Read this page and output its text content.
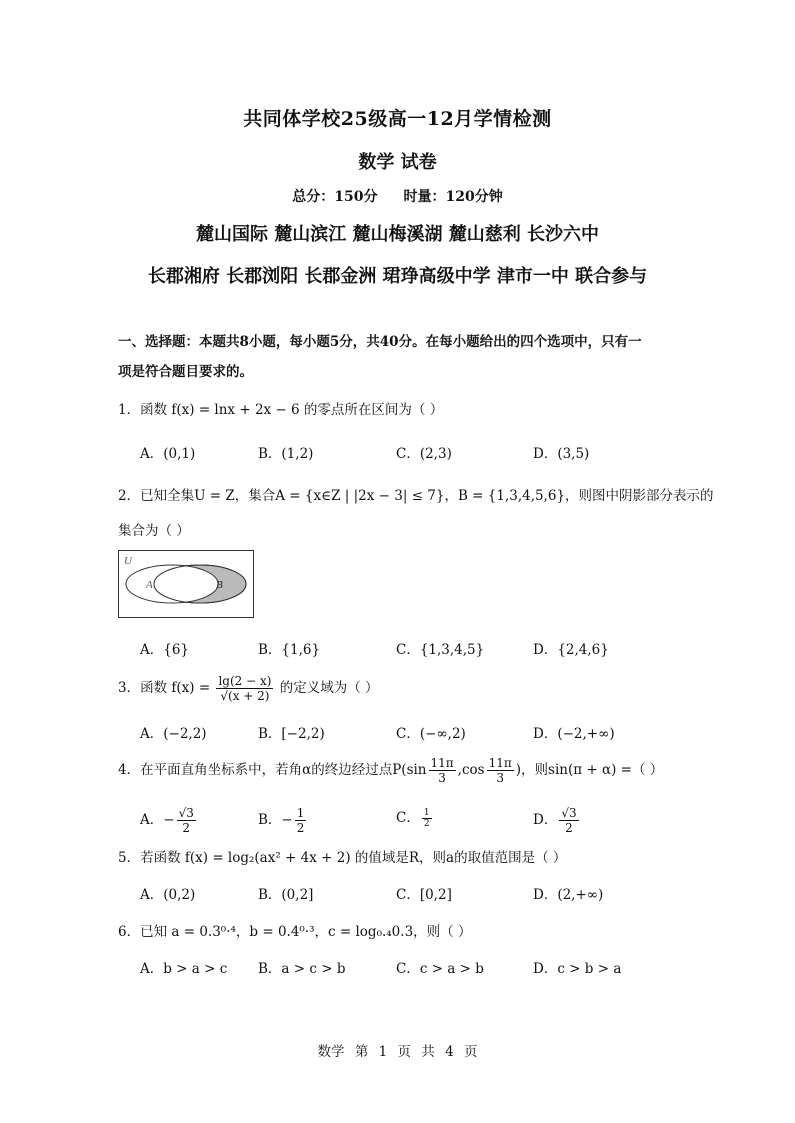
共同体学校25级高一12月学情检测
数学 试卷
总分：150分 时量：120分钟
麓山国际 麓山滨江 麓山梅溪湖 麓山慈利 长沙六中
长郡湘府 长郡浏阳 长郡金洲 珺琤高级中学 津市一中 联合参与
一、选择题：本题共8小题，每小题5分，共40分。在每小题给出的四个选项中，只有一
项是符合题目要求的。
1．函数 f(x) = lnx + 2x − 6 的零点所在区间为（ ）
A．(0,1)	B．(1,2)	C．(2,3)	D．(3,5)
2．已知全集U = Z，集合A = {x∈Z | |2x − 3| ≤ 7}，B = {1,3,4,5,6}，则图中阴影部分表示的
集合为（ ）
U
A	B
A．{6}	B．{1,6}	C．{1,3,4,5}	D．{2,4,6}
3．函数 $f(x) = \frac{\lg(2 - x)}{√(x + 2)}$ 的定义域为（ ）
A．(−2,2)	B．[−2,2)	C．(−∞,2)	D．(−2,+∞)
4．在平面直角坐标系中，若角α的终边经过点$P(\sin \frac{11\pi}{3} ,\cos \frac{11\pi}{3}$ )，则sin(π + α) =（ ）
A．− $\frac{√3}{2}$	B．− $\frac{1}{2}$	C． $\frac{1}{2}$	D． $\frac{√3}{2}$
5．若函数 f(x) = log₂(ax² + 4x + 2) 的值域是R，则a的取值范围是（ ）
A．(0,2)	B．(0,2]	C．[0,2]	D．(2,+∞)
6．已知 a = 0.3⁰·⁴，b = 0.4⁰·³，c = log₀.₄0.3，则（ ）
A．b > a > c B．a > c > b	C．c > a > b	D．c > b > a
数学 第 1 页 共 4 页
